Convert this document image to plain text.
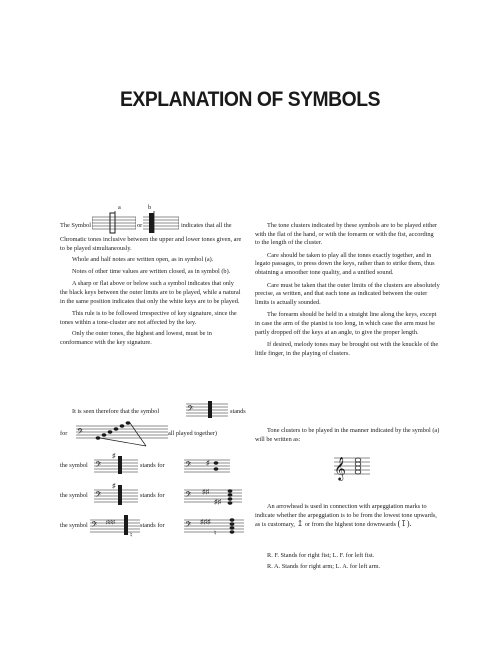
EXPLANATION OF SYMBOLS
a	b
The Symbol	or	indicates that all the

Chromatic tones inclusive between the upper and lower tones given, are to be played simultaneously.

Whole and half notes are written open, as in symbol (a).

Notes of other time values are written closed, as in symbol (b).

A sharp or flat above or below such a symbol indicates that only the black keys between the outer limits are to be played, while a natural in the same position indicates that only the white keys are to be played.

This rule is to be followed irrespective of key signature, since the tones within a tone-cluster are not affected by the key.

Only the outer tones, the highest and lowest, must be in conformance with the key signature.

It is seen therefore that the symbol	𝄢	stands
for 𝄢	all played together)
the symbol 𝄢
♯
stands for 𝄢 ♯
the symbol 𝄢
♯
stands for 𝄢 ♯♯
♯♯
the symbol 𝄢 ♯♯♯
♮
stands for 𝄢 ♯♯♯
♮

The tone clusters indicated by these symbols are to be played either with the flat of the hand, or with the forearm or with the fist, according to the length of the cluster.

Care should be taken to play all the tones exactly together, and in legato passages, to press down the keys, rather than to strike them, thus obtaining a smoother tone quality, and a unified sound.

Care must be taken that the outer limits of the clusters are absolutely precise, as written, and that each tone as indicated between the outer limits is actually sounded.

The forearm should be held in a straight line along the keys, except in case the arm of the pianist is too long, in which case the arm must be partly dropped off the keys at an angle, to give the proper length.

If desired, melody tones may be brought out with the knuckle of the little finger, in the playing of clusters.

Tone clusters to be played in the manner indicated by the symbol (a) will be written as:
𝄞
An arrowhead is used in connection with arpeggiation marks to indicate whether the arpeggiation is to be from the lowest tone upwards, as is customary, ↥ or from the highest tone downwards (↧).
R. F. Stands for right fist; L. F. for left fist.
R. A. Stands for right arm; L. A. for left arm.
